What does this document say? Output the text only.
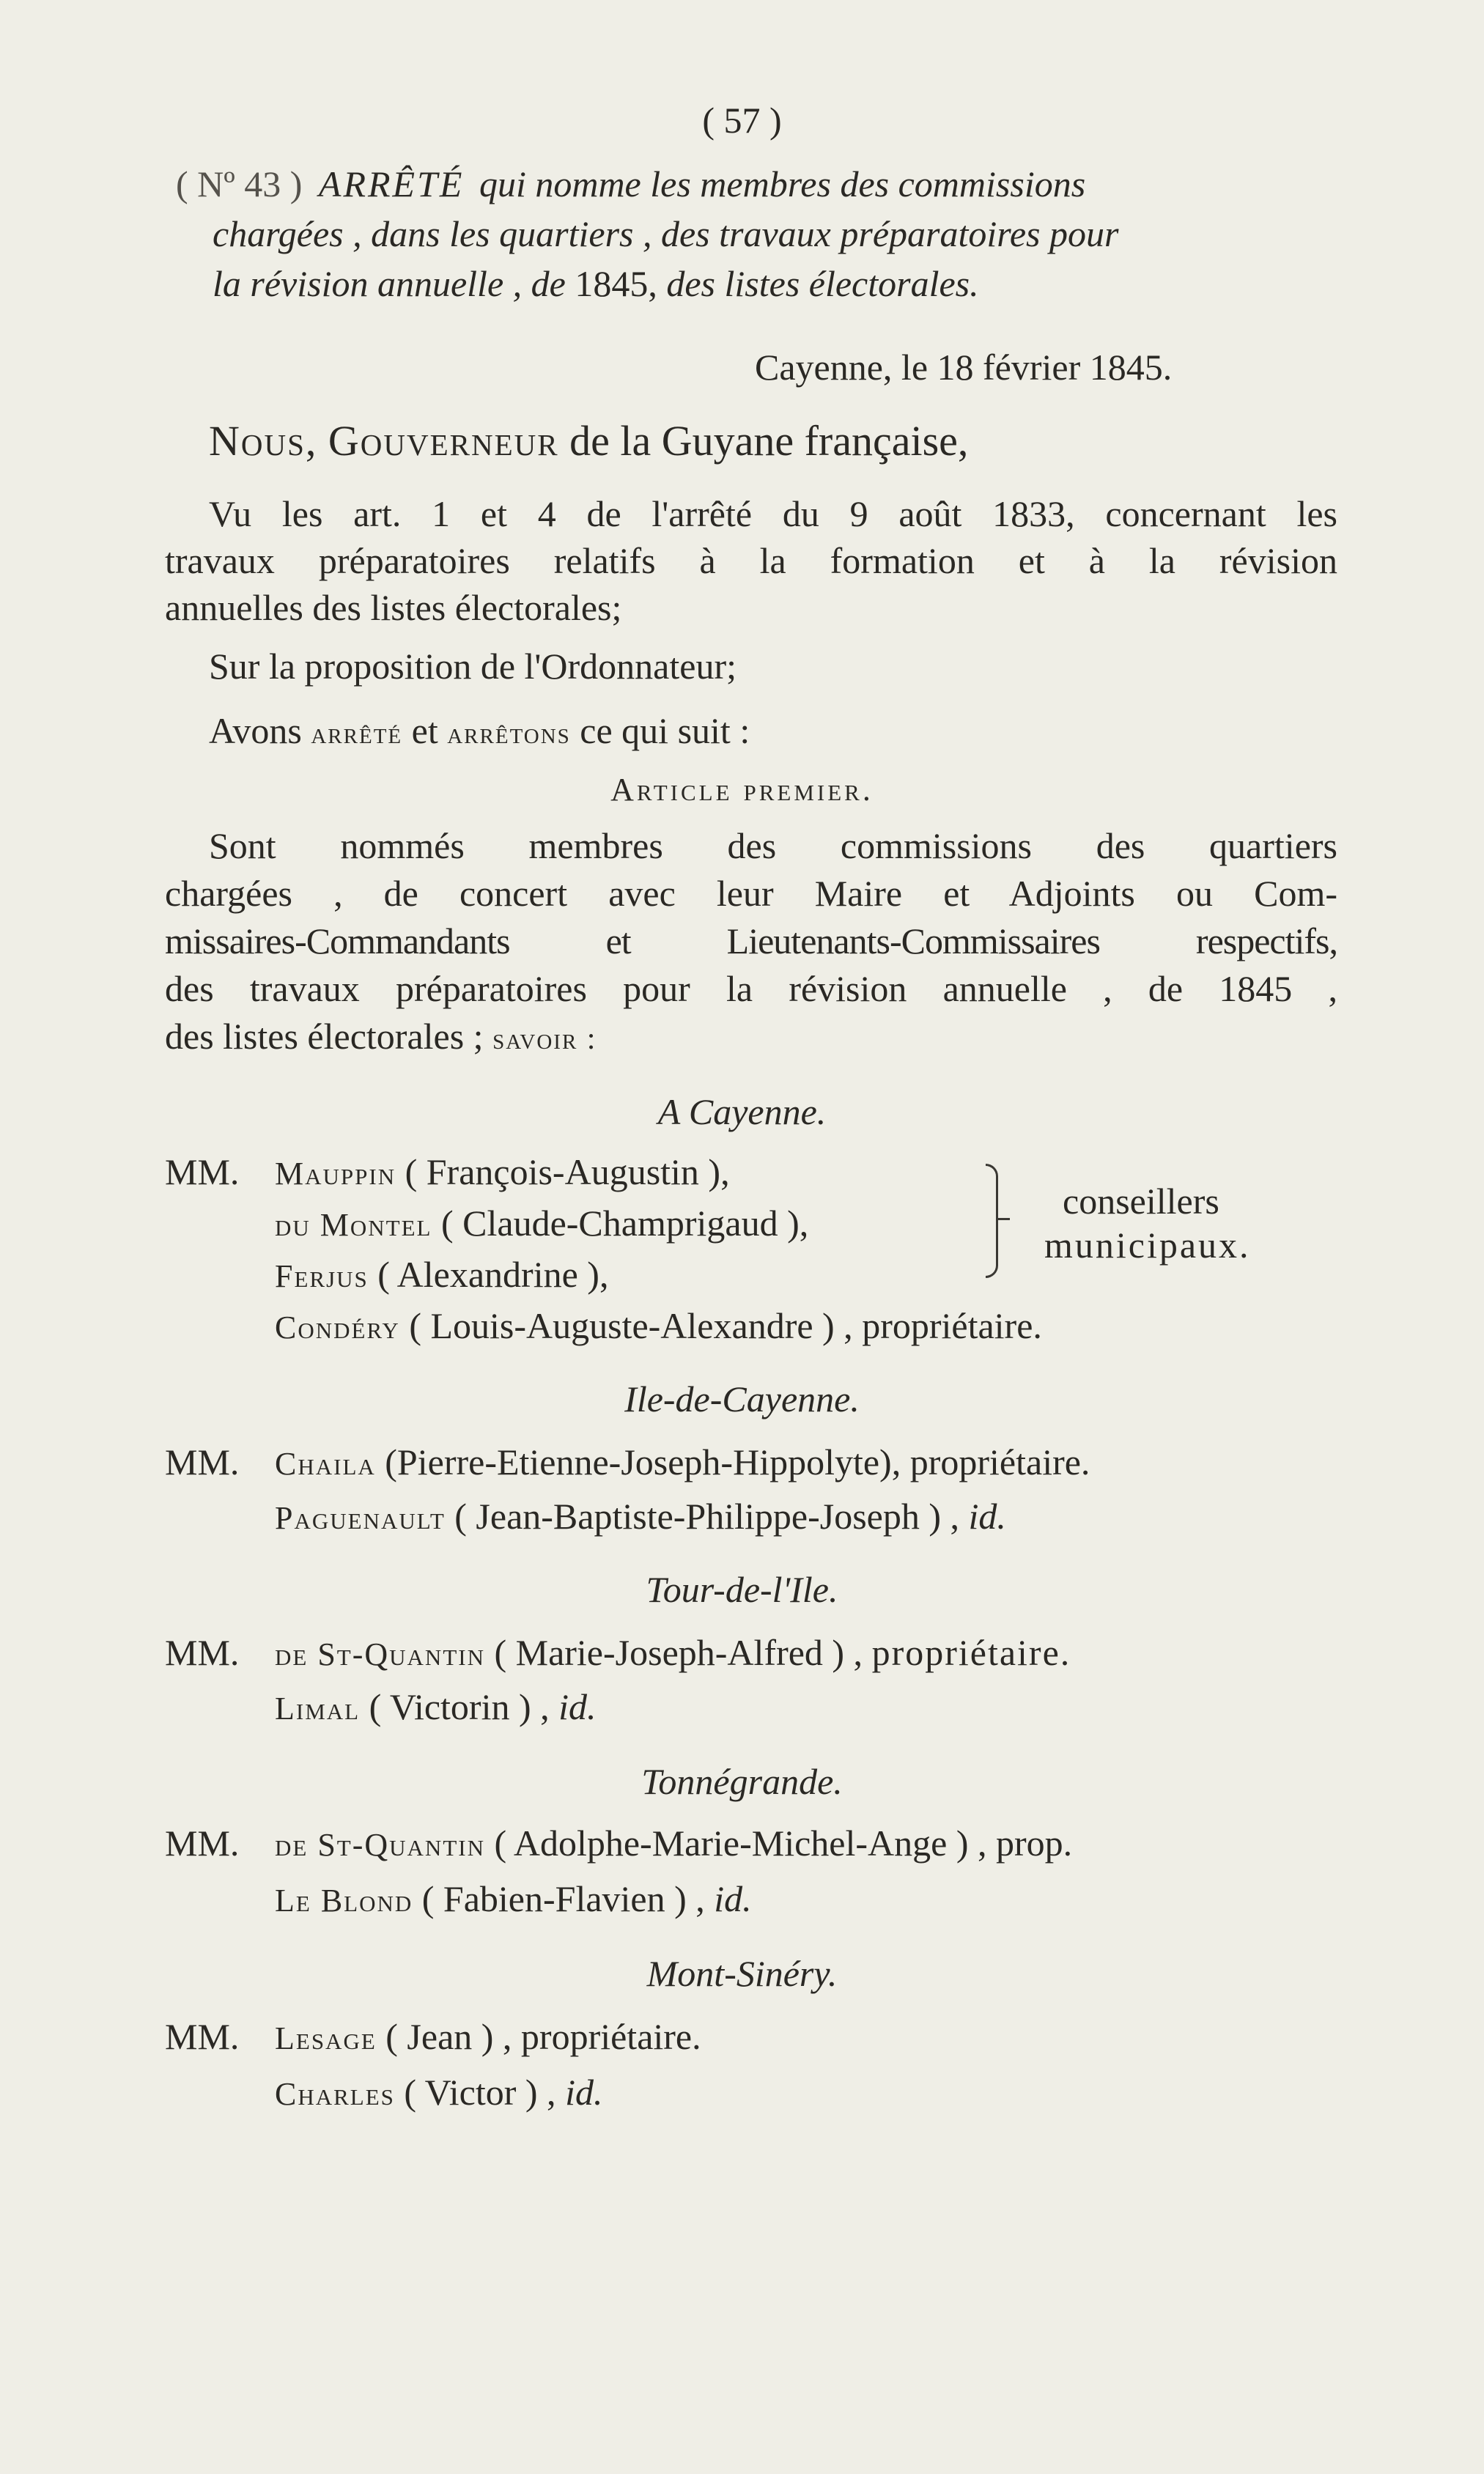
( 57 )
( Nº 43 ) ARRÊTÉ qui nomme les membres des commissions
chargées , dans les quartiers , des travaux préparatoires pour
la révision annuelle , de 1845, des listes électorales.
Cayenne, le 18 février 1845.
Nous, Gouverneur de la Guyane française,
Vu les art. 1 et 4 de l'arrêté du 9 août 1833, concernant les
travaux préparatoires relatifs à la formation et à la révision
annuelles des listes électorales;
Sur la proposition de l'Ordonnateur;
Avons arrêté et arrêtons ce qui suit :
Article premier.
Sont nommés membres des commissions des quartiers
chargées , de concert avec leur Maire et Adjoints ou Com-
missaires-Commandants et Lieutenants-Commissaires respectifs,
des travaux préparatoires pour la révision annuelle , de 1845 ,
des listes électorales ; savoir :
A Cayenne.
MM. Mauppin ( François-Augustin ),
du Montel ( Claude-Champrigaud ),
Ferjus ( Alexandrine ),
conseillers
municipaux.
Condéry ( Louis-Auguste-Alexandre ) , propriétaire.
Ile-de-Cayenne.
MM. Chaila (Pierre-Etienne-Joseph-Hippolyte), propriétaire.
Paguenault ( Jean-Baptiste-Philippe-Joseph ) , id.
Tour-de-l'Ile.
MM. de St-Quantin ( Marie-Joseph-Alfred ) , propriétaire.
Limal ( Victorin ) , id.
Tonnégrande.
MM. de St-Quantin ( Adolphe-Marie-Michel-Ange ) , prop.
Le Blond ( Fabien-Flavien ) , id.
Mont-Sinéry.
MM. Lesage ( Jean ) , propriétaire.
Charles ( Victor ) , id.
